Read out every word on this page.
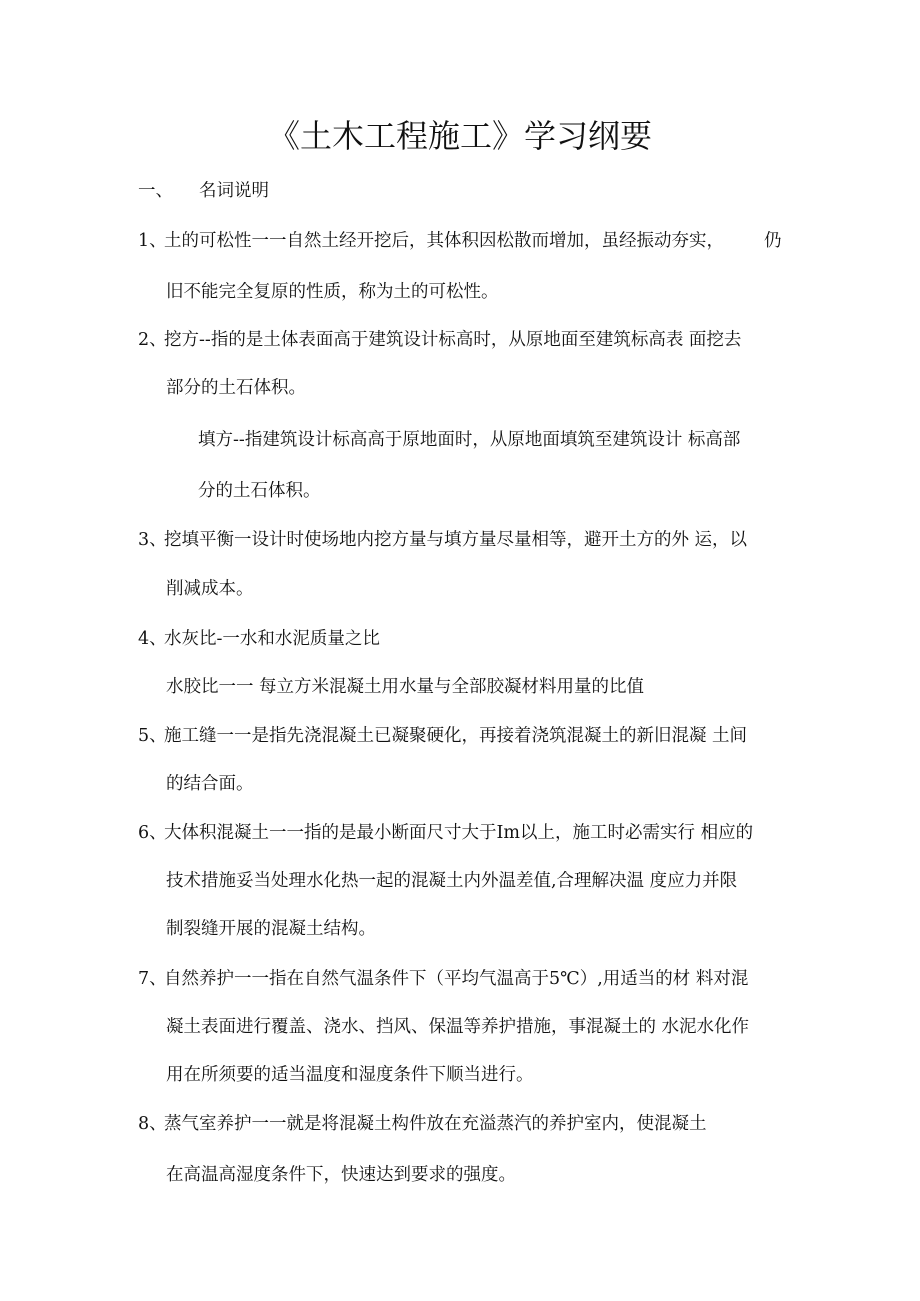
《土木工程施工》学习纲要
一、 名词说明
1、土的可松性一一自然土经开挖后，其体积因松散而增加，虽经振动夯实， 仍
旧不能完全复原的性质，称为土的可松性。
2、挖方--指的是土体表面高于建筑设计标高时，从原地面至建筑标高表 面挖去
部分的土石体积。
填方--指建筑设计标高高于原地面时，从原地面填筑至建筑设计 标高部
分的土石体积。
3、挖填平衡一设计时使场地内挖方量与填方量尽量相等，避开土方的外 运，以
削减成本。
4、水灰比-一水和水泥质量之比
水胶比一一 每立方米混凝土用水量与全部胶凝材料用量的比值
5、施工缝一一是指先浇混凝土已凝聚硬化，再接着浇筑混凝土的新旧混凝 土间
的结合面。
6、大体积混凝土一一指的是最小断面尺寸大于Im以上，施工时必需实行 相应的
技术措施妥当处理水化热一起的混凝土内外温差值,合理解决温 度应力并限
制裂缝开展的混凝土结构。
7、自然养护一一指在自然气温条件下（平均气温高于5℃）,用适当的材 料对混
凝土表面进行覆盖、浇水、挡风、保温等养护措施，事混凝土的 水泥水化作
用在所须要的适当温度和湿度条件下顺当进行。
8、蒸气室养护一一就是将混凝土构件放在充溢蒸汽的养护室内，使混凝土
在高温高湿度条件下，快速达到要求的强度。
